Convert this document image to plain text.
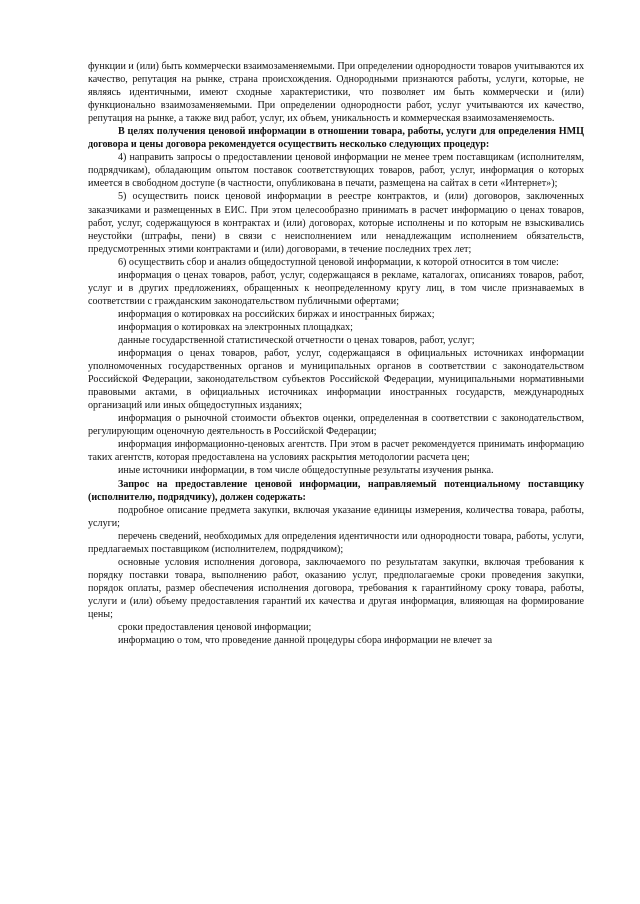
функции и (или) быть коммерчески взаимозаменяемыми. При определении однородности товаров учитываются их качество, репутация на рынке, страна происхождения. Однородными признаются работы, услуги, которые, не являясь идентичными, имеют сходные характеристики, что позволяет им быть коммерчески и (или) функционально взаимозаменяемыми. При определении однородности работ, услуг учитываются их качество, репутация на рынке, а также вид работ, услуг, их объем, уникальность и коммерческая взаимозаменяемость.

В целях получения ценовой информации в отношении товара, работы, услуги для определения НМЦ договора и цены договора рекомендуется осуществить несколько следующих процедур:

4) направить запросы о предоставлении ценовой информации не менее трем поставщикам (исполнителям, подрядчикам), обладающим опытом поставок соответствующих товаров, работ, услуг, информация о которых имеется в свободном доступе (в частности, опубликована в печати, размещена на сайтах в сети «Интернет»);

5) осуществить поиск ценовой информации в реестре контрактов, и (или) договоров, заключенных заказчиками и размещенных в ЕИС. При этом целесообразно принимать в расчет информацию о ценах товаров, работ, услуг, содержащуюся в контрактах и (или) договорах, которые исполнены и по которым не взыскивались неустойки (штрафы, пени) в связи с неисполнением или ненадлежащим исполнением обязательств, предусмотренных этими контрактами и (или) договорами, в течение последних трех лет;

6) осуществить сбор и анализ общедоступной ценовой информации, к которой относится в том числе:

информация о ценах товаров, работ, услуг, содержащаяся в рекламе, каталогах, описаниях товаров, работ, услуг и в других предложениях, обращенных к неопределенному кругу лиц, в том числе признаваемых в соответствии с гражданским законодательством публичными офертами;

информация о котировках на российских биржах и иностранных биржах;

информация о котировках на электронных площадках;

данные государственной статистической отчетности о ценах товаров, работ, услуг;

информация о ценах товаров, работ, услуг, содержащаяся в официальных источниках информации уполномоченных государственных органов и муниципальных органов в соответствии с законодательством Российской Федерации, законодательством субъектов Российской Федерации, муниципальными нормативными правовыми актами, в официальных источниках информации иностранных государств, международных организаций или иных общедоступных изданиях;

информация о рыночной стоимости объектов оценки, определенная в соответствии с законодательством, регулирующим оценочную деятельность в Российской Федерации;

информация информационно-ценовых агентств. При этом в расчет рекомендуется принимать информацию таких агентств, которая предоставлена на условиях раскрытия методологии расчета цен;

иные источники информации, в том числе общедоступные результаты изучения рынка.

Запрос на предоставление ценовой информации, направляемый потенциальному поставщику (исполнителю, подрядчику), должен содержать:

подробное описание предмета закупки, включая указание единицы измерения, количества товара, работы, услуги;

перечень сведений, необходимых для определения идентичности или однородности товара, работы, услуги, предлагаемых поставщиком (исполнителем, подрядчиком);

основные условия исполнения договора, заключаемого по результатам закупки, включая требования к порядку поставки товара, выполнению работ, оказанию услуг, предполагаемые сроки проведения закупки, порядок оплаты, размер обеспечения исполнения договора, требования к гарантийному сроку товара, работы, услуги и (или) объему предоставления гарантий их качества и другая информация, влияющая на формирование цены;

сроки предоставления ценовой информации;

информацию о том, что проведение данной процедуры сбора информации не влечет за
